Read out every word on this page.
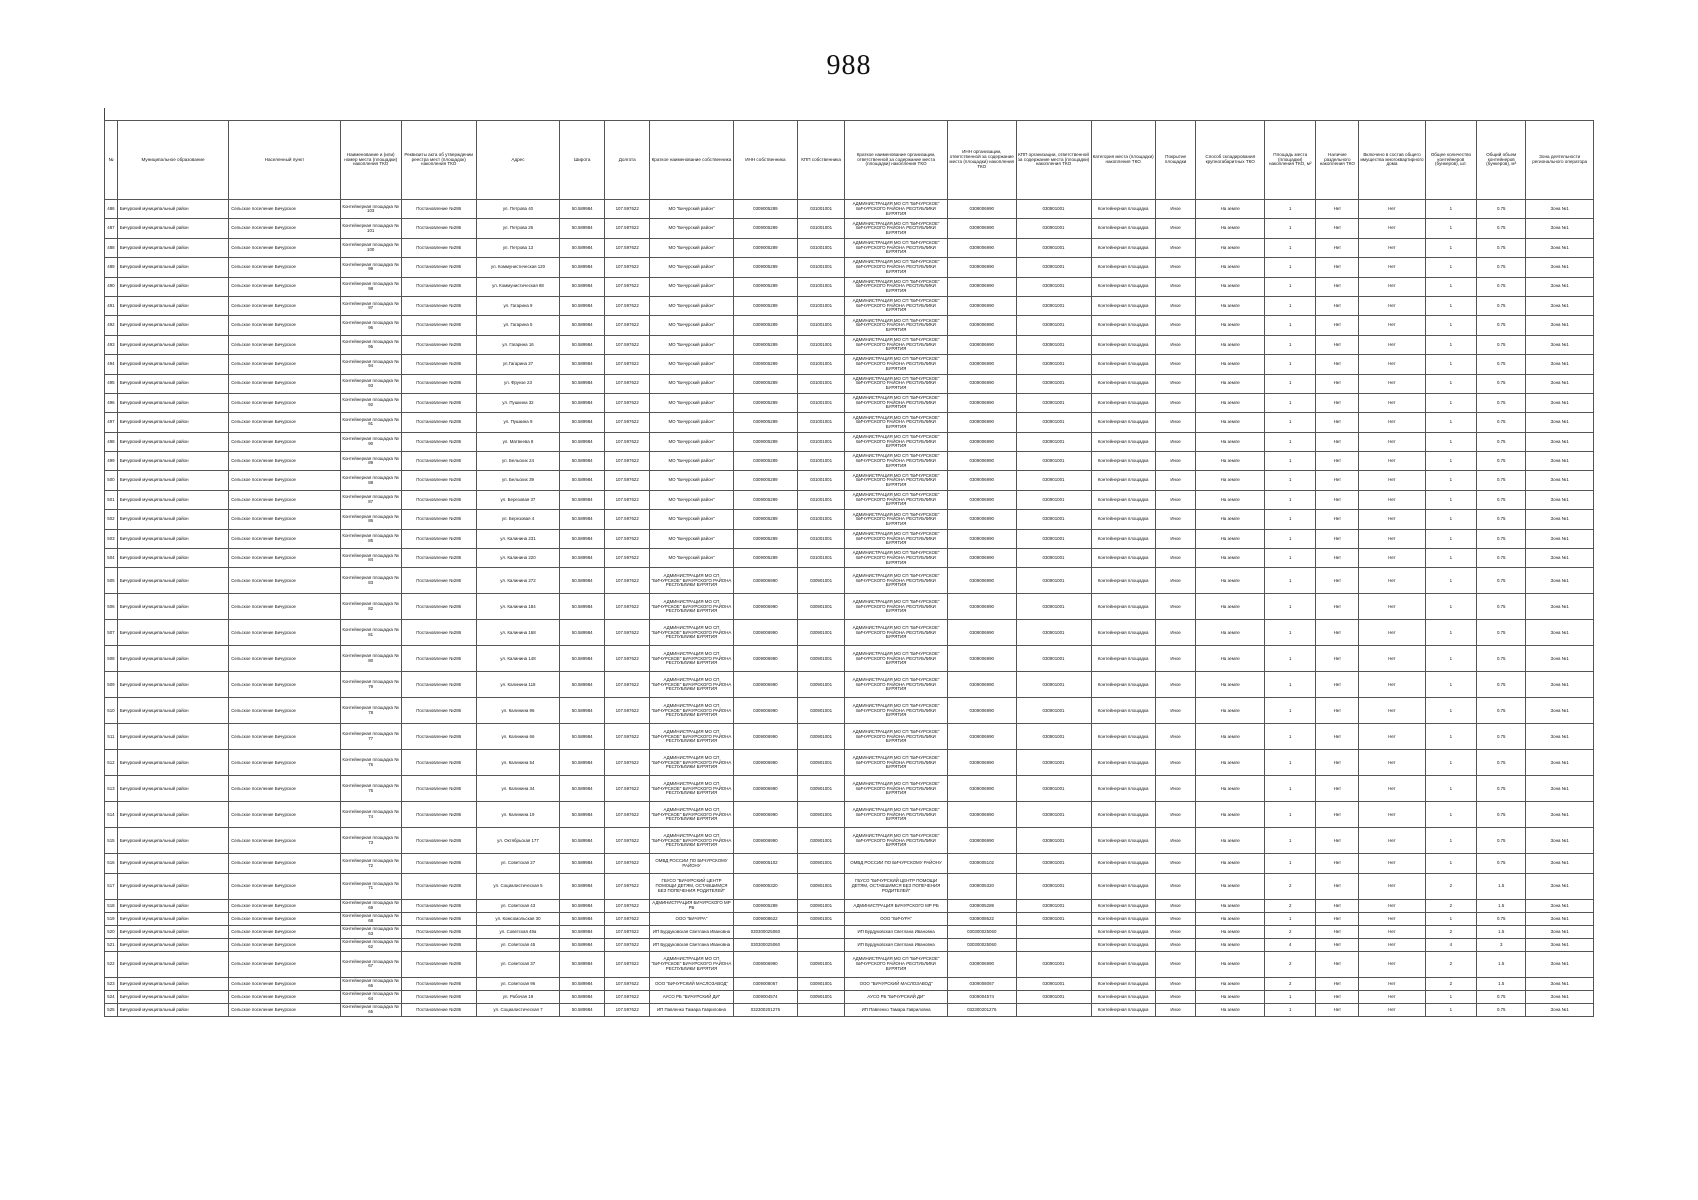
988
№	Муниципальное образование	Населенный пункт	Наименование и (или) номер места (площадки) накопления ТКО	Реквизиты акта об утверждении реестра мест (площадок) накопления ТКО	Адрес	Широта	Долгота	Краткое наименование собственника	ИНН собственника	КПП собственника	Краткое наименование организации, ответственной за содержание места (площадки) накопления ТКО	ИНН организации, ответственной за содержание места (площадки) накопления ТКО	КПП организации, ответственной за содержание места (площадки) накопления ТКО	Категория места (площадки) накопления ТКО	Покрытие площадки	Способ складирования крупногабаритных ТКО	Площадь места (площадки) накопления ТКО, м²	Наличие раздельного накопления ТКО	Включено в состав общего имущества многоквартирного дома	Общее количество контейнеров (бункеров), шт.	Общий объем контейнеров (бункеров), м³	Зона деятельности регионального оператора
486	Бичурский муниципальный район	Сельское поселение Бичурское	Контейнерная площадка № 103	Постановление №286	ул. Петрова 40	50.589984	107.597622	МО "Бичурский район"	0309005289	031001001	АДМИНИСТРАЦИЯ МО СП "БИЧУРСКОЕ" БИЧУРСКОГО РАЙОНА РЕСПУБЛИКИ БУРЯТИЯ	0309006990	030901001	Контейнерная площадка	Иное	На земле	1	Нет	Нет	1	0.75	Зона №1
487	Бичурский муниципальный район	Сельское поселение Бичурское	Контейнерная площадка № 101	Постановление №286	ул. Петрова 26	50.589984	107.597622	МО "Бичурский район"	0309005289	031001001	АДМИНИСТРАЦИЯ МО СП "БИЧУРСКОЕ" БИЧУРСКОГО РАЙОНА РЕСПУБЛИКИ БУРЯТИЯ	0309006990	030901001	Контейнерная площадка	Иное	На земле	1	Нет	Нет	1	0.75	Зона №1
488	Бичурский муниципальный район	Сельское поселение Бичурское	Контейнерная площадка № 100	Постановление №286	ул. Петрова 13	50.589984	107.597622	МО "Бичурский район"	0309005289	031001001	АДМИНИСТРАЦИЯ МО СП "БИЧУРСКОЕ" БИЧУРСКОГО РАЙОНА РЕСПУБЛИКИ БУРЯТИЯ	0309006990	030901001	Контейнерная площадка	Иное	На земле	1	Нет	Нет	1	0.75	Зона №1
489	Бичурский муниципальный район	Сельское поселение Бичурское	Контейнерная площадка № 99	Постановление №286	ул. Коммунистическая 120	50.589984	107.597622	МО "Бичурский район"	0309005289	031001001	АДМИНИСТРАЦИЯ МО СП "БИЧУРСКОЕ" БИЧУРСКОГО РАЙОНА РЕСПУБЛИКИ БУРЯТИЯ	0309006990	030901001	Контейнерная площадка	Иное	На земле	1	Нет	Нет	1	0.75	Зона №1
490	Бичурский муниципальный район	Сельское поселение Бичурское	Контейнерная площадка № 98	Постановление №286	ул. Коммунистическая 88	50.589984	107.597622	МО "Бичурский район"	0309005289	031001001	АДМИНИСТРАЦИЯ МО СП "БИЧУРСКОЕ" БИЧУРСКОГО РАЙОНА РЕСПУБЛИКИ БУРЯТИЯ	0309006990	030901001	Контейнерная площадка	Иное	На земле	1	Нет	Нет	1	0.75	Зона №1
491	Бичурский муниципальный район	Сельское поселение Бичурское	Контейнерная площадка № 97	Постановление №286	ул. Гагарина 9	50.589984	107.597622	МО "Бичурский район"	0309005289	031001001	АДМИНИСТРАЦИЯ МО СП "БИЧУРСКОЕ" БИЧУРСКОГО РАЙОНА РЕСПУБЛИКИ БУРЯТИЯ	0309006990	030901001	Контейнерная площадка	Иное	На земле	1	Нет	Нет	1	0.75	Зона №1
492	Бичурский муниципальный район	Сельское поселение Бичурское	Контейнерная площадка № 96	Постановление №286	ул. Гагарина 5	50.589984	107.597622	МО "Бичурский район"	0309005289	031001001	АДМИНИСТРАЦИЯ МО СП "БИЧУРСКОЕ" БИЧУРСКОГО РАЙОНА РЕСПУБЛИКИ БУРЯТИЯ	0309006990	030901001	Контейнерная площадка	Иное	На земле	1	Нет	Нет	1	0.75	Зона №1
493	Бичурский муниципальный район	Сельское поселение Бичурское	Контейнерная площадка № 95	Постановление №286	ул. Гагарина 16	50.589984	107.597622	МО "Бичурский район"	0309005289	031001001	АДМИНИСТРАЦИЯ МО СП "БИЧУРСКОЕ" БИЧУРСКОГО РАЙОНА РЕСПУБЛИКИ БУРЯТИЯ	0309006990	030901001	Контейнерная площадка	Иное	На земле	1	Нет	Нет	1	0.75	Зона №1
494	Бичурский муниципальный район	Сельское поселение Бичурское	Контейнерная площадка № 94	Постановление №286	ул.Гагарина 27	50.589984	107.597622	МО "Бичурский район"	0309005289	031001001	АДМИНИСТРАЦИЯ МО СП "БИЧУРСКОЕ" БИЧУРСКОГО РАЙОНА РЕСПУБЛИКИ БУРЯТИЯ	0309006990	030901001	Контейнерная площадка	Иное	На земле	1	Нет	Нет	1	0.75	Зона №1
495	Бичурский муниципальный район	Сельское поселение Бичурское	Контейнерная площадка № 93	Постановление №286	ул. Фрунзе 23	50.589984	107.597622	МО "Бичурский район"	0309005289	031001001	АДМИНИСТРАЦИЯ МО СП "БИЧУРСКОЕ" БИЧУРСКОГО РАЙОНА РЕСПУБЛИКИ БУРЯТИЯ	0309006990	030901001	Контейнерная площадка	Иное	На земле	1	Нет	Нет	1	0.75	Зона №1
496	Бичурский муниципальный район	Сельское поселение Бичурское	Контейнерная площадка № 92	Постановление №286	ул. Пушкина 32	50.589984	107.597622	МО "Бичурский район"	0309005289	031001001	АДМИНИСТРАЦИЯ МО СП "БИЧУРСКОЕ" БИЧУРСКОГО РАЙОНА РЕСПУБЛИКИ БУРЯТИЯ	0309006990	030901001	Контейнерная площадка	Иное	На земле	1	Нет	Нет	1	0.75	Зона №1
497	Бичурский муниципальный район	Сельское поселение Бичурское	Контейнерная площадка № 91	Постановление №286	ул. Пушкина 9	50.589984	107.597622	МО "Бичурский район"	0309005289	031001001	АДМИНИСТРАЦИЯ МО СП "БИЧУРСКОЕ" БИЧУРСКОГО РАЙОНА РЕСПУБЛИКИ БУРЯТИЯ	0309006990	030901001	Контейнерная площадка	Иное	На земле	1	Нет	Нет	1	0.75	Зона №1
498	Бичурский муниципальный район	Сельское поселение Бичурское	Контейнерная площадка № 90	Постановление №286	ул. Матвеева 8	50.589984	107.597622	МО "Бичурский район"	0309005289	031001001	АДМИНИСТРАЦИЯ МО СП "БИЧУРСКОЕ" БИЧУРСКОГО РАЙОНА РЕСПУБЛИКИ БУРЯТИЯ	0309006990	030901001	Контейнерная площадка	Иное	На земле	1	Нет	Нет	1	0.75	Зона №1
499	Бичурский муниципальный район	Сельское поселение Бичурское	Контейнерная площадка № 89	Постановление №286	ул. Бельских 24	50.589984	107.597622	МО "Бичурский район"	0309005289	031001001	АДМИНИСТРАЦИЯ МО СП "БИЧУРСКОЕ" БИЧУРСКОГО РАЙОНА РЕСПУБЛИКИ БУРЯТИЯ	0309006990	030901001	Контейнерная площадка	Иное	На земле	1	Нет	Нет	1	0.75	Зона №1
500	Бичурский муниципальный район	Сельское поселение Бичурское	Контейнерная площадка № 88	Постановление №286	ул. Бельских 39	50.589984	107.597622	МО "Бичурский район"	0309005289	031001001	АДМИНИСТРАЦИЯ МО СП "БИЧУРСКОЕ" БИЧУРСКОГО РАЙОНА РЕСПУБЛИКИ БУРЯТИЯ	0309006990	030901001	Контейнерная площадка	Иное	На земле	1	Нет	Нет	1	0.75	Зона №1
501	Бичурский муниципальный район	Сельское поселение Бичурское	Контейнерная площадка № 87	Постановление №286	ул. Березовая 37	50.589984	107.597622	МО "Бичурский район"	0309005289	031001001	АДМИНИСТРАЦИЯ МО СП "БИЧУРСКОЕ" БИЧУРСКОГО РАЙОНА РЕСПУБЛИКИ БУРЯТИЯ	0309006990	030901001	Контейнерная площадка	Иное	На земле	1	Нет	Нет	1	0.75	Зона №1
502	Бичурский муниципальный район	Сельское поселение Бичурское	Контейнерная площадка № 86	Постановление №286	ул. Березовая 4	50.589984	107.597622	МО "Бичурский район"	0309005289	031001001	АДМИНИСТРАЦИЯ МО СП "БИЧУРСКОЕ" БИЧУРСКОГО РАЙОНА РЕСПУБЛИКИ БУРЯТИЯ	0309006990	030901001	Контейнерная площадка	Иное	На земле	1	Нет	Нет	1	0.75	Зона №1
503	Бичурский муниципальный район	Сельское поселение Бичурское	Контейнерная площадка № 85	Постановление №286	ул. Калинина 231	50.589984	107.597622	МО "Бичурский район"	0309005289	031001001	АДМИНИСТРАЦИЯ МО СП "БИЧУРСКОЕ" БИЧУРСКОГО РАЙОНА РЕСПУБЛИКИ БУРЯТИЯ	0309006990	030901001	Контейнерная площадка	Иное	На земле	1	Нет	Нет	1	0.75	Зона №1
504	Бичурский муниципальный район	Сельское поселение Бичурское	Контейнерная площадка № 84	Постановление №286	ул. Калинина 220	50.589984	107.597622	МО "Бичурский район"	0309005289	031001001	АДМИНИСТРАЦИЯ МО СП "БИЧУРСКОЕ" БИЧУРСКОГО РАЙОНА РЕСПУБЛИКИ БУРЯТИЯ	0309006990	030901001	Контейнерная площадка	Иное	На земле	1	Нет	Нет	1	0.75	Зона №1
505	Бичурский муниципальный район	Сельское поселение Бичурское	Контейнерная площадка № 83	Постановление №286	ул. Калинина 272	50.589984	107.597622	АДМИНИСТРАЦИЯ МО СП "БИЧУРСКОЕ" БИЧУРСКОГО РАЙОНА РЕСПУБЛИКИ БУРЯТИЯ	0309006990	030901001	АДМИНИСТРАЦИЯ МО СП "БИЧУРСКОЕ" БИЧУРСКОГО РАЙОНА РЕСПУБЛИКИ БУРЯТИЯ	0309006990	030901001	Контейнерная площадка	Иное	На земле	1	Нет	Нет	1	0.75	Зона №1
506	Бичурский муниципальный район	Сельское поселение Бичурское	Контейнерная площадка № 82	Постановление №286	ул. Калинина 184	50.589984	107.597622	АДМИНИСТРАЦИЯ МО СП "БИЧУРСКОЕ" БИЧУРСКОГО РАЙОНА РЕСПУБЛИКИ БУРЯТИЯ	0309006990	030901001	АДМИНИСТРАЦИЯ МО СП "БИЧУРСКОЕ" БИЧУРСКОГО РАЙОНА РЕСПУБЛИКИ БУРЯТИЯ	0309006990	030901001	Контейнерная площадка	Иное	На земле	1	Нет	Нет	1	0.75	Зона №1
507	Бичурский муниципальный район	Сельское поселение Бичурское	Контейнерная площадка № 81	Постановление №286	ул. Калинина 168	50.589984	107.597622	АДМИНИСТРАЦИЯ МО СП "БИЧУРСКОЕ" БИЧУРСКОГО РАЙОНА РЕСПУБЛИКИ БУРЯТИЯ	0309006990	030901001	АДМИНИСТРАЦИЯ МО СП "БИЧУРСКОЕ" БИЧУРСКОГО РАЙОНА РЕСПУБЛИКИ БУРЯТИЯ	0309006990	030901001	Контейнерная площадка	Иное	На земле	1	Нет	Нет	1	0.75	Зона №1
508	Бичурский муниципальный район	Сельское поселение Бичурское	Контейнерная площадка № 80	Постановление №286	ул. Калинина 148	50.589984	107.597622	АДМИНИСТРАЦИЯ МО СП "БИЧУРСКОЕ" БИЧУРСКОГО РАЙОНА РЕСПУБЛИКИ БУРЯТИЯ	0309006990	030901001	АДМИНИСТРАЦИЯ МО СП "БИЧУРСКОЕ" БИЧУРСКОГО РАЙОНА РЕСПУБЛИКИ БУРЯТИЯ	0309006990	030901001	Контейнерная площадка	Иное	На земле	1	Нет	Нет	1	0.75	Зона №1
509	Бичурский муниципальный район	Сельское поселение Бичурское	Контейнерная площадка № 79	Постановление №286	ул. Калинина 118	50.589984	107.597622	АДМИНИСТРАЦИЯ МО СП "БИЧУРСКОЕ" БИЧУРСКОГО РАЙОНА РЕСПУБЛИКИ БУРЯТИЯ	0309006990	030901001	АДМИНИСТРАЦИЯ МО СП "БИЧУРСКОЕ" БИЧУРСКОГО РАЙОНА РЕСПУБЛИКИ БУРЯТИЯ	0309006990	030901001	Контейнерная площадка	Иное	На земле	1	Нет	Нет	1	0.75	Зона №1
510	Бичурский муниципальный район	Сельское поселение Бичурское	Контейнерная площадка № 78	Постановление №286	ул. Калинина 96	50.589984	107.597622	АДМИНИСТРАЦИЯ МО СП "БИЧУРСКОЕ" БИЧУРСКОГО РАЙОНА РЕСПУБЛИКИ БУРЯТИЯ	0309006990	030901001	АДМИНИСТРАЦИЯ МО СП "БИЧУРСКОЕ" БИЧУРСКОГО РАЙОНА РЕСПУБЛИКИ БУРЯТИЯ	0309006990	030901001	Контейнерная площадка	Иное	На земле	1	Нет	Нет	1	0.75	Зона №1
511	Бичурский муниципальный район	Сельское поселение Бичурское	Контейнерная площадка № 77	Постановление №286	ул. Калинина 66	50.589984	107.597622	АДМИНИСТРАЦИЯ МО СП "БИЧУРСКОЕ" БИЧУРСКОГО РАЙОНА РЕСПУБЛИКИ БУРЯТИЯ	0309006990	030901001	АДМИНИСТРАЦИЯ МО СП "БИЧУРСКОЕ" БИЧУРСКОГО РАЙОНА РЕСПУБЛИКИ БУРЯТИЯ	0309006990	030901001	Контейнерная площадка	Иное	На земле	1	Нет	Нет	1	0.75	Зона №1
512	Бичурский муниципальный район	Сельское поселение Бичурское	Контейнерная площадка № 76	Постановление №286	ул. Калинина 54	50.589984	107.597622	АДМИНИСТРАЦИЯ МО СП "БИЧУРСКОЕ" БИЧУРСКОГО РАЙОНА РЕСПУБЛИКИ БУРЯТИЯ	0309006990	030901001	АДМИНИСТРАЦИЯ МО СП "БИЧУРСКОЕ" БИЧУРСКОГО РАЙОНА РЕСПУБЛИКИ БУРЯТИЯ	0309006990	030901001	Контейнерная площадка	Иное	На земле	1	Нет	Нет	1	0.75	Зона №1
513	Бичурский муниципальный район	Сельское поселение Бичурское	Контейнерная площадка № 75	Постановление №286	ул. Калинина 34	50.589984	107.597622	АДМИНИСТРАЦИЯ МО СП "БИЧУРСКОЕ" БИЧУРСКОГО РАЙОНА РЕСПУБЛИКИ БУРЯТИЯ	0309006990	030901001	АДМИНИСТРАЦИЯ МО СП "БИЧУРСКОЕ" БИЧУРСКОГО РАЙОНА РЕСПУБЛИКИ БУРЯТИЯ	0309006990	030901001	Контейнерная площадка	Иное	На земле	1	Нет	Нет	1	0.75	Зона №1
514	Бичурский муниципальный район	Сельское поселение Бичурское	Контейнерная площадка № 74	Постановление №286	ул. Калинина 19	50.589984	107.597622	АДМИНИСТРАЦИЯ МО СП "БИЧУРСКОЕ" БИЧУРСКОГО РАЙОНА РЕСПУБЛИКИ БУРЯТИЯ	0309006990	030901001	АДМИНИСТРАЦИЯ МО СП "БИЧУРСКОЕ" БИЧУРСКОГО РАЙОНА РЕСПУБЛИКИ БУРЯТИЯ	0309006990	030901001	Контейнерная площадка	Иное	На земле	1	Нет	Нет	1	0.75	Зона №1
515	Бичурский муниципальный район	Сельское поселение Бичурское	Контейнерная площадка № 73	Постановление №286	ул. Октябрьская 177	50.589984	107.597622	АДМИНИСТРАЦИЯ МО СП "БИЧУРСКОЕ" БИЧУРСКОГО РАЙОНА РЕСПУБЛИКИ БУРЯТИЯ	0309006990	030901001	АДМИНИСТРАЦИЯ МО СП "БИЧУРСКОЕ" БИЧУРСКОГО РАЙОНА РЕСПУБЛИКИ БУРЯТИЯ	0309006990	030901001	Контейнерная площадка	Иное	На земле	1	Нет	Нет	1	0.75	Зона №1
516	Бичурский муниципальный район	Сельское поселение Бичурское	Контейнерная площадка № 72	Постановление №286	ул. Советская 27	50.589984	107.597622	ОМВД РОССИИ ПО БИЧУРСКОМУ РАЙОНУ	0309005102	030901001	ОМВД РОССИИ ПО БИЧУРСКОМУ РАЙОНУ	0309005102	030901001	Контейнерная площадка	Иное	На земле	1	Нет	Нет	1	0.75	Зона №1
517	Бичурский муниципальный район	Сельское поселение Бичурское	Контейнерная площадка № 71	Постановление №286	ул. Социалистическая 5	50.589984	107.597622	ГБУСО "БИЧУРСКИЙ ЦЕНТР ПОМОЩИ ДЕТЯМ, ОСТАВШИМСЯ БЕЗ ПОПЕЧЕНИЯ РОДИТЕЛЕЙ"	0309005320	030901001	ГБУСО "БИЧУРСКИЙ ЦЕНТР ПОМОЩИ ДЕТЯМ, ОСТАВШИМСЯ БЕЗ ПОПЕЧЕНИЯ РОДИТЕЛЕЙ"	0309005320	030901001	Контейнерная площадка	Иное	На земле	2	Нет	Нет	2	1.5	Зона №1
518	Бичурский муниципальный район	Сельское поселение Бичурское	Контейнерная площадка № 69	Постановление №286	ул. Советская 43	50.589984	107.597622	АДМИНИСТРАЦИЯ БИЧУРСКОГО МР РБ	0309005289	030901001	АДМИНИСТРАЦИЯ БИЧУРСКОГО МР РБ	0309005289	030901001	Контейнерная площадка	Иное	На земле	2	Нет	Нет	2	1.5	Зона №1
519	Бичурский муниципальный район	Сельское поселение Бичурское	Контейнерная площадка № 68	Постановление №286	ул. Комсомольская 30	50.589984	107.597622	ООО "БИЧУРА"	0309008622	030901001	ООО "БИЧУРА"	0309008622	030901001	Контейнерная площадка	Иное	На земле	1	Нет	Нет	1	0.75	Зона №1
520	Бичурский муниципальный район	Сельское поселение Бичурское	Контейнерная площадка № 63	Постановление №286	ул. Советская 49а	50.589984	107.597622	ИП Бурдуковская Светлана Ивановна	030300025060		ИП Бурдуковская Светлана Ивановна	030300025060		Контейнерная площадка	Иное	На земле	2	Нет	Нет	2	1.5	Зона №1
521	Бичурский муниципальный район	Сельское поселение Бичурское	Контейнерная площадка № 62	Постановление №286	ул. Советская 45	50.589984	107.597622	ИП Бурдуковская Светлана Ивановна	030300025060		ИП Бурдуковская Светлана Ивановна	030300025060		Контейнерная площадка	Иное	На земле	4	Нет	Нет	4	3	Зона №1
522	Бичурский муниципальный район	Сельское поселение Бичурское	Контейнерная площадка № 67	Постановление №286	ул. Советская 37	50.589984	107.597622	АДМИНИСТРАЦИЯ МО СП "БИЧУРСКОЕ" БИЧУРСКОГО РАЙОНА РЕСПУБЛИКИ БУРЯТИЯ	0309006990	030901001	АДМИНИСТРАЦИЯ МО СП "БИЧУРСКОЕ" БИЧУРСКОГО РАЙОНА РЕСПУБЛИКИ БУРЯТИЯ	0309006990	030901001	Контейнерная площадка	Иное	На земле	2	Нет	Нет	2	1.5	Зона №1
523	Бичурский муниципальный район	Сельское поселение Бичурское	Контейнерная площадка № 66	Постановление №286	ул. Советская 96	50.589984	107.597622	ООО "БИЧУРСКИЙ МАСЛОЗАВОД"	0309008067	030901001	ООО "БИЧУРСКИЙ МАСЛОЗАВОД"	0309008067	030901001	Контейнерная площадка	Иное	На земле	2	Нет	Нет	2	1.5	Зона №1
524	Бичурский муниципальный район	Сельское поселение Бичурское	Контейнерная площадка № 64	Постановление №286	ул. Рабочая 19	50.589984	107.597622	АУСО РБ "БИЧУРСКИЙ ДИ"	0309004574	030901001	АУСО РБ "БИЧУРСКИЙ ДИ"	0309004574	030901001	Контейнерная площадка	Иное	На земле	1	Нет	Нет	1	0.75	Зона №1
525	Бичурский муниципальный район	Сельское поселение Бичурское	Контейнерная площадка № 65	Постановление №286	ул. Социалистическая 7	50.589984	107.597622	ИП Павленко Тамара Гавриловна	032300201276		ИП Павленко Тамара Гавриловна	032300201276		Контейнерная площадка	Иное	На земле	1	Нет	Нет	1	0.75	Зона №1
